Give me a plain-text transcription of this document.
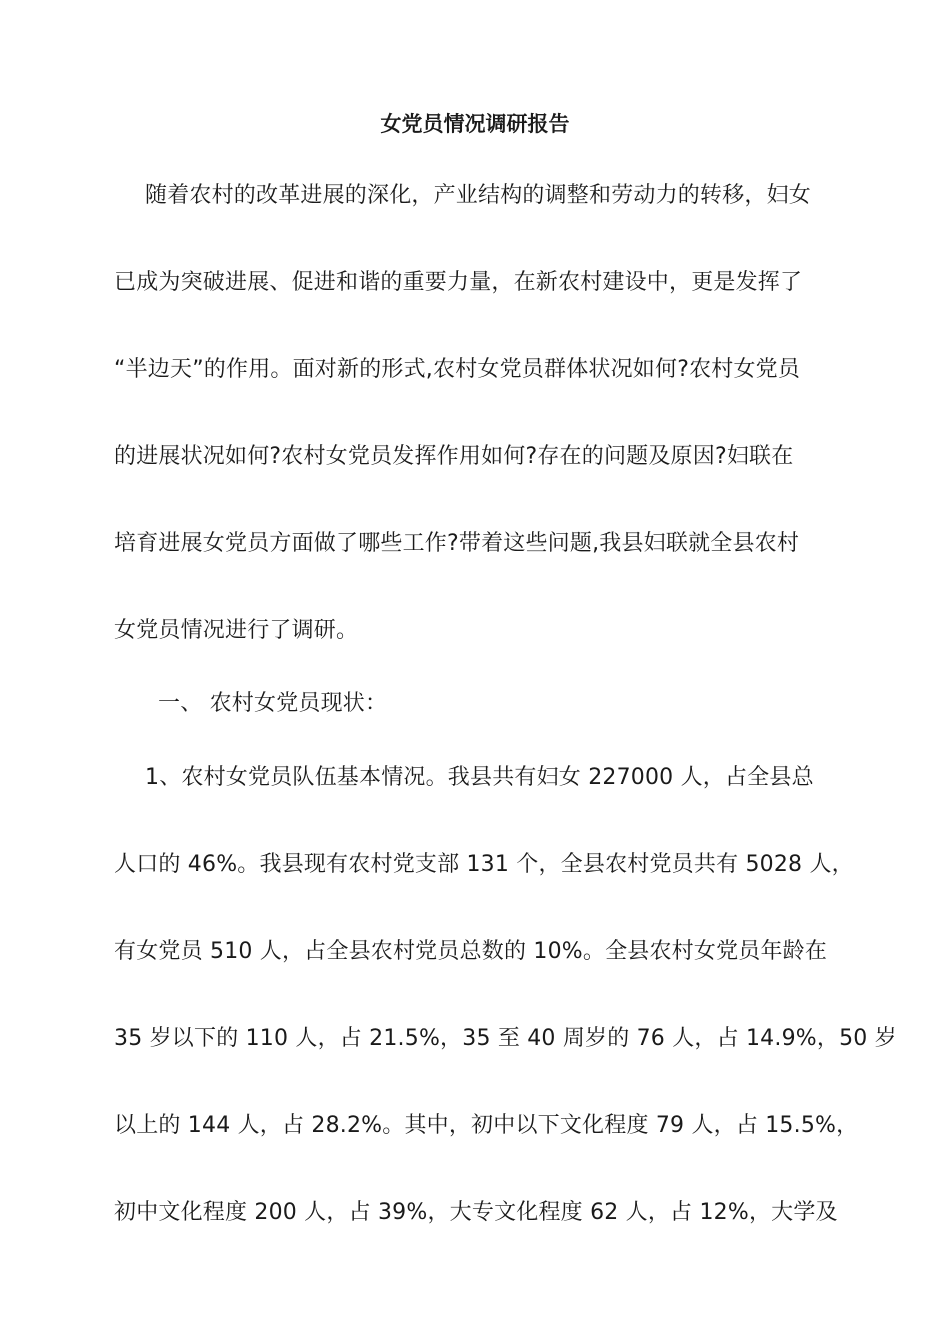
女党员情况调研报告
随着农村的改革进展的深化，产业结构的调整和劳动力的转移，妇女
已成为突破进展、促进和谐的重要力量，在新农村建设中，更是发挥了
“半边天”的作用。面对新的形式,农村女党员群体状况如何?农村女党员
的进展状况如何?农村女党员发挥作用如何?存在的问题及原因?妇联在
培育进展女党员方面做了哪些工作?带着这些问题,我县妇联就全县农村
女党员情况进行了调研。
一、 农村女党员现状：
1、农村女党员队伍基本情况。我县共有妇女 227000 人，占全县总
人口的 46%。我县现有农村党支部 131 个，全县农村党员共有 5028 人，
有女党员 510 人，占全县农村党员总数的 10%。全县农村女党员年龄在
35 岁以下的 110 人，占 21.5%，35 至 40 周岁的 76 人，占 14.9%，50 岁
以上的 144 人，占 28.2%。其中，初中以下文化程度 79 人，占 15.5%，
初中文化程度 200 人，占 39%，大专文化程度 62 人，占 12%，大学及
